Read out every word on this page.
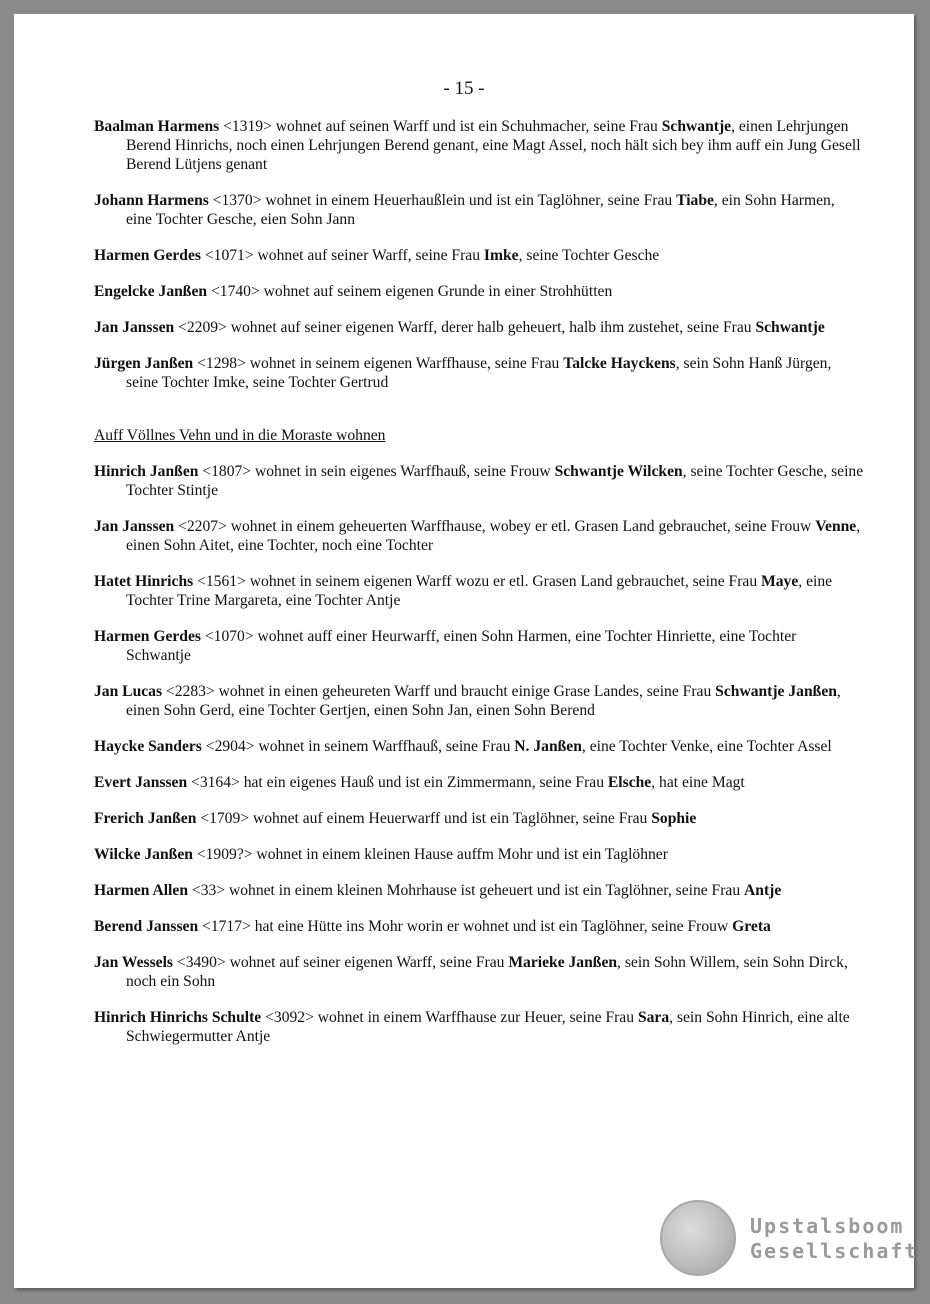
- 15 -
Baalman Harmens <1319> wohnet auf seinen Warff und ist ein Schuhmacher, seine Frau Schwantje, einen Lehrjungen Berend Hinrichs, noch einen Lehrjungen Berend genant, eine Magt Assel, noch hält sich bey ihm auff ein Jung Gesell Berend Lütjens genant
Johann Harmens <1370> wohnet in einem Heuerhaußlein und ist ein Taglöhner, seine Frau Tiabe, ein Sohn Harmen, eine Tochter Gesche, eien Sohn Jann
Harmen Gerdes <1071> wohnet auf seiner Warff, seine Frau Imke, seine Tochter Gesche
Engelcke Janßen <1740> wohnet auf seinem eigenen Grunde in einer Strohhütten
Jan Janssen <2209> wohnet auf seiner eigenen Warff, derer halb geheuert, halb ihm zustehet, seine Frau Schwantje
Jürgen Janßen <1298> wohnet in seinem eigenen Warffhause, seine Frau Talcke Hayckens, sein Sohn Hanß Jürgen, seine Tochter Imke, seine Tochter Gertrud
Auff Völlnes Vehn und in die Moraste wohnen
Hinrich Janßen <1807> wohnet in sein eigenes Warffhauß, seine Frouw Schwantje Wilcken, seine Tochter Gesche, seine Tochter Stintje
Jan Janssen <2207> wohnet in einem geheuerten Warffhause, wobey er etl. Grasen Land gebrauchet, seine Frouw Venne, einen Sohn Aitet, eine Tochter, noch eine Tochter
Hatet Hinrichs <1561> wohnet in seinem eigenen Warff wozu er etl. Grasen Land gebrauchet, seine Frau Maye, eine Tochter Trine Margareta, eine Tochter Antje
Harmen Gerdes <1070> wohnet auff einer Heurwarff, einen Sohn Harmen, eine Tochter Hinriette, eine Tochter Schwantje
Jan Lucas <2283> wohnet in einen geheureten Warff und braucht einige Grase Landes, seine Frau Schwantje Janßen, einen Sohn Gerd, eine Tochter Gertjen, einen Sohn Jan, einen Sohn Berend
Haycke Sanders <2904> wohnet in seinem Warffhauß, seine Frau N. Janßen, eine Tochter Venke, eine Tochter Assel
Evert Janssen <3164> hat ein eigenes Hauß und ist ein Zimmermann, seine Frau Elsche, hat eine Magt
Frerich Janßen <1709> wohnet auf einem Heuerwarff und ist ein Taglöhner, seine Frau Sophie
Wilcke Janßen <1909?> wohnet in einem kleinen Hause auffm Mohr und ist ein Taglöhner
Harmen Allen <33> wohnet in einem kleinen Mohrhause ist geheuert und ist ein Taglöhner, seine Frau Antje
Berend Janssen <1717> hat eine Hütte ins Mohr worin er wohnet und ist ein Taglöhner, seine Frouw Greta
Jan Wessels <3490> wohnet auf seiner eigenen Warff, seine Frau Marieke Janßen, sein Sohn Willem, sein Sohn Dirck, noch ein Sohn
Hinrich Hinrichs Schulte <3092> wohnet in einem Warffhause zur Heuer, seine Frau Sara, sein Sohn Hinrich, eine alte Schwiegermutter Antje
Upstalsboom
Gesellschaft
